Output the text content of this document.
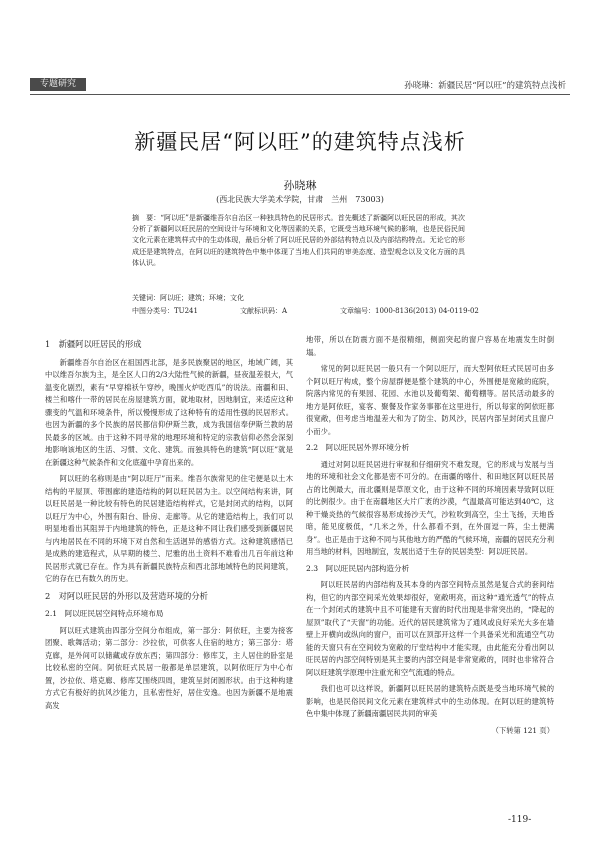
专题研究	孙晓琳：新疆民居“阿以旺”的建筑特点浅析
新疆民居“阿以旺”的建筑特点浅析
孙晓琳
(西北民族大学美术学院，甘肃　兰州　73003)
摘　要：“阿以旺”是新疆维吾尔自治区一种独具特色的民居形式。首先概述了新疆阿以旺民居的形成，其次分析了新疆阿以旺民居的空间设计与环境和文化等因素的关系，它既受当地环境气候的影响，也是民俗民间文化元素在建筑样式中的生动体现，最后分析了阿以旺民居的外部结构特点以及内部结构特点。无论它的形成还是建筑特点，在阿以旺的建筑特色中集中体现了当地人们共同的审美态度、造型观念以及文化方面的具体认识。
关键词：阿以旺；建筑；环境；文化
中图分类号：TU241	文献标识码：A	文章编号：1000-8136(2013) 04-0119-02
1　新疆阿以旺居民的形成

新疆维吾尔自治区在祖国西北部，是多民族聚居的地区，地域广阔，其中以维吾尔族为主，是全区人口的2/3大陆性气候的新疆，昼夜温差很大，气温变化剧烈，素有“早穿棉袄午穿纱，晚围火炉吃西瓜”的说法。南疆和田、楼兰和喀什一带的居民在房屋建筑方面，就地取材，因地制宜，来适应这种骤变的气温和环境条件，所以慢慢形成了这种特有的适用性强的民居形式。也因为新疆的多个民族的居民都信仰伊斯兰教，成为我国信奉伊斯兰教的居民最多的区域。由于这种不同寻常的地理环境和特定的宗教信仰必然会深刻地影响该地区的生活、习惯、文化、建筑。而独具特色的建筑“阿以旺”就是在新疆这种气候条件和文化底蕴中孕育出来的。

阿以旺的名称则是由“阿以旺厅”而来。维吾尔族常见的住宅便是以土木结构的平屋顶、带围廊的建造结构的阿以旺民居为主。以空间结构来讲，阿以旺民居是一种比较有特色的民居建造结构样式，它是封闭式的结构，以阿以旺厅为中心，外围有阳台、卧房、走廊等。从它的建造结构上，我们可以明显地看出其阻异于内地建筑的特色，正是这种不同让我们感受到新疆居民与内地居民在不同的环境下对自然和生活迥异的感悟方式。这种建筑感悟已是成熟的建造程式，从早期的楼兰、尼雅的出土资料不难看出几百年前这种民居形式就已存在。作为具有新疆民族特点和西北部地域特色的民间建筑，它的存在已有数久的历史。

2　对阿以旺民居的外形以及营造环境的分析
2.1　阿以旺民居空间特点环境布局

阿以旺式建筑由四部分空间分布组成，第一部分：阿依旺，主要为接客团聚、歌舞活动；第二部分：沙拉依，可供客人住宿的地方；第三部分：塔克廊，是外间可以储藏或存放东西；第四部分：修库艾，主人居住的卧室是比较私密的空间。阿依旺式民居一般都是单层建筑，以阿依旺厅为中心布置，沙拉依、塔克廊、修库艾围绕四周，建筑呈封闭圆形状。由于这种构建方式它有极好的抗风沙能力，且私密性好，居住安逸。也因为新疆不是地震高发

地带，所以在防震方面不是很精细，侧面突起的窗户容易在地震发生时倒塌。

常见的阿以旺民居一般只有一个阿以旺厅，而大型阿依旺式民居可由多个阿以旺厅构成，整个房屋群便是整个建筑的中心，外围便是宽敞的庭院，院落内常见的有果园、花园、水池以及葡萄架、葡萄棚等。居民活动最多的地方是阿依旺，宴客、聚餐及作家务事都在这里进行，所以每家的阿依旺都很宽敞，但考虑当地温差大和为了防尘、防风沙，民居内部呈封闭式且窗户小而少。

2.2　阿以旺民居外界环境分析

通过对阿以旺民居进行审视和仔细研究不难发现，它的形成与发展与当地的环境和社会文化都是密不可分的。在南疆的喀什、和田地区阿以旺民居占的比例最大，而北疆则是草原文化，由于这种不同的环境因素导致阿以旺的比例很少。由于在南疆地区大片广袤的沙漠，气温最高可能达到40℃，这种干燥炎热的气候很容易形成扬沙天气，沙粒吹到高空，尘土飞扬，天地昏暗，能见度极低，“几米之外，什么都看不到，在外面逗一阵，尘土便满身”。也正是由于这种不同与其他地方的严酷的气候环境，南疆的居民充分利用当地的材料，因地制宜，发展出适于生存的民居类型：阿以旺民居。

2.3　阿以旺民居内部构造分析

阿以旺民居的内部结构及其本身的内部空间特点虽然是复合式的套间结构，但它的内部空间采光效果却很好，宽敞明亮，而这种“通光透气”的特点在一个封闭式的建筑中且不可能建有天窗的时代出现是非常突出的，“降起的屋顶”取代了“天窗”的功能。近代的居民建筑常为了通风或良好采光大多在墙壁上开横向或纵向的窗户，而可以在顶部开这样一个具备采光和流通空气功能的天窗只有在空间较为宽敞的厅堂结构中才能实现，由此能充分看出阿以旺民居的内部空间特别是其主要的内部空间是非常宽敞的，同时也非常符合阿以旺建筑学原理中注重光和空气流通的特点。

我们也可以这样说，新疆阿以旺民居的建筑特点既是受当地环境气候的影响，也是民俗民间文化元素在建筑样式中的生动体现。在阿以旺的建筑特色中集中体现了新疆南疆居民共同的审美

（下转第 121 页）
-119-
